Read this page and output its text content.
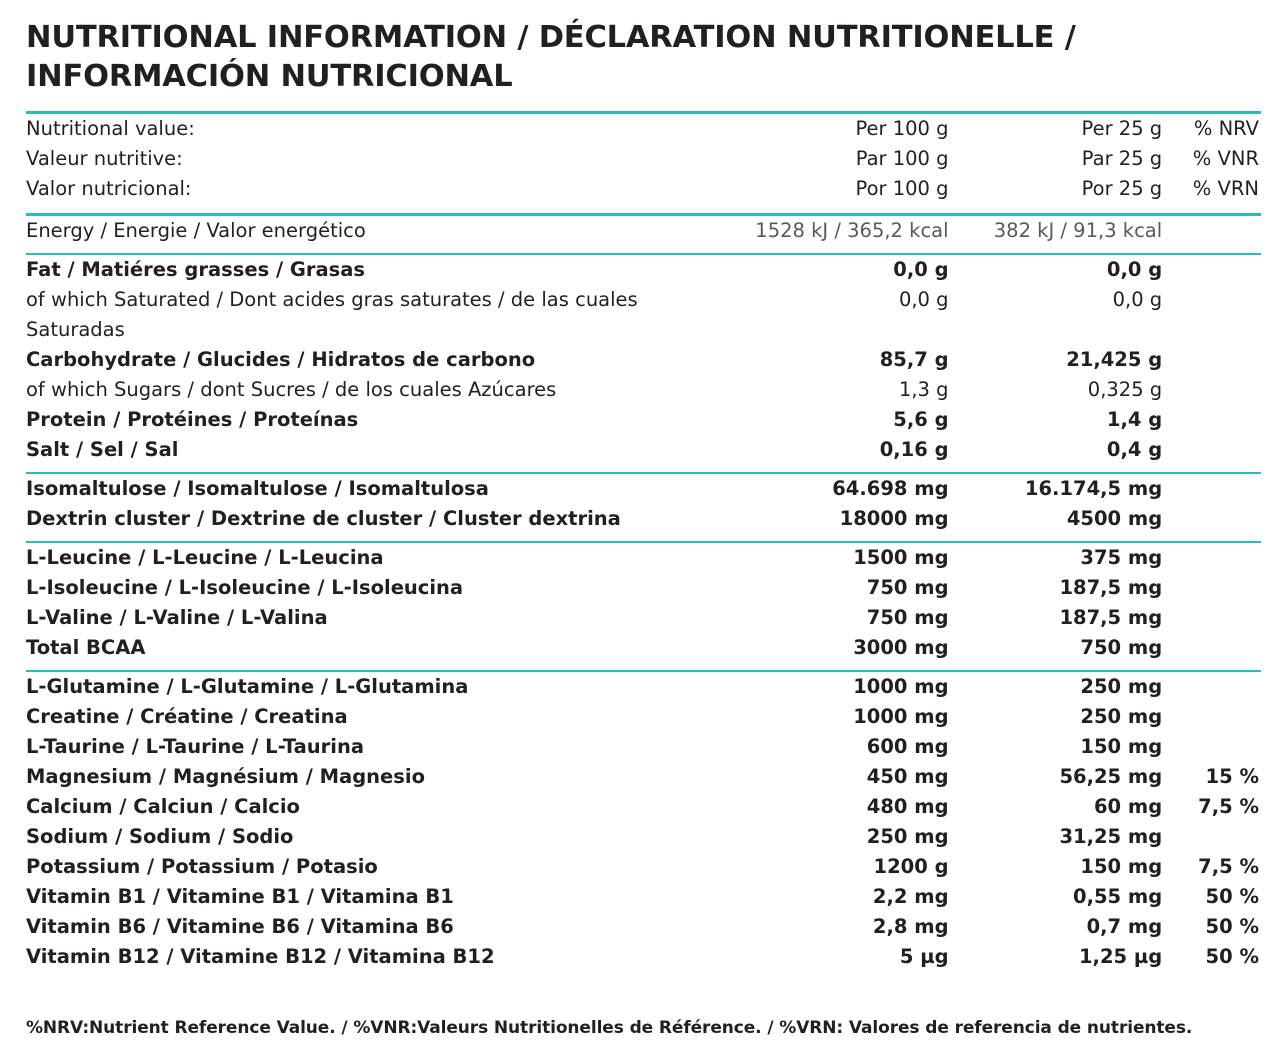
NUTRITIONAL INFORMATION / DÉCLARATION NUTRITIONELLE / INFORMACIÓN NUTRICIONAL
Nutritional value:	Per 100 g	Per 25 g	% NRV
Valeur nutritive:	Par 100 g	Par 25 g	% VNR
Valor nutricional:	Por 100 g	Por 25 g	% VRN

Energy / Energie / Valor energético	1528 kJ / 365,2 kcal	382 kJ / 91,3 kcal	

Fat / Matiéres grasses / Grasas	0,0 g	0,0 g	
of which Saturated / Dont acides gras saturates / de las cuales Saturadas	0,0 g	0,0 g	
Carbohydrate / Glucides / Hidratos de carbono	85,7 g	21,425 g	
of which Sugars / dont Sucres / de los cuales Azúcares	1,3 g	0,325 g	
Protein / Protéines / Proteínas	5,6 g	1,4 g	
Salt / Sel / Sal	0,16 g	0,4 g	

Isomaltulose / Isomaltulose / Isomaltulosa	64.698 mg	16.174,5 mg	
Dextrin cluster / Dextrine de cluster / Cluster dextrina	18000 mg	4500 mg	

L-Leucine / L-Leucine / L-Leucina	1500 mg	375 mg	
L-Isoleucine / L-Isoleucine / L-Isoleucina	750 mg	187,5 mg	
L-Valine / L-Valine / L-Valina	750 mg	187,5 mg	
Total BCAA	3000 mg	750 mg	

L-Glutamine / L-Glutamine / L-Glutamina	1000 mg	250 mg	
Creatine / Créatine / Creatina	1000 mg	250 mg	
L-Taurine / L-Taurine / L-Taurina	600 mg	150 mg	
Magnesium / Magnésium / Magnesio	450 mg	56,25 mg	15 %
Calcium / Calciun / Calcio	480 mg	60 mg	7,5 %
Sodium / Sodium / Sodio	250 mg	31,25 mg	
Potassium / Potassium / Potasio	1200 g	150 mg	7,5 %
Vitamin B1 / Vitamine B1 / Vitamina B1	2,2 mg	0,55 mg	50 %
Vitamin B6 / Vitamine B6 / Vitamina B6	2,8 mg	0,7 mg	50 %
Vitamin B12 / Vitamine B12 / Vitamina B12	5 µg	1,25 µg	50 %
%NRV:Nutrient Reference Value. / %VNR:Valeurs Nutritionelles de Référence. / %VRN: Valores de referencia de nutrientes.
